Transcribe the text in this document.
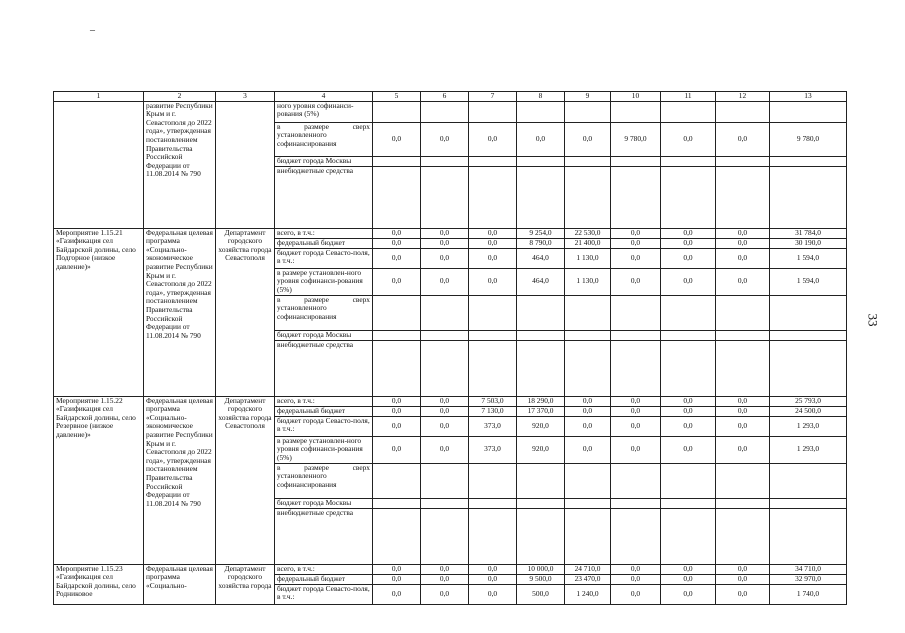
–
33
1	2	3	4	5	6	7	8	9	10	11	12	13
	развитие Республики Крым и г. Севастополя до 2022 года», утвержденная постановлением Правительства Российской Федерации от 11.08.2014 № 790		ного уровня софинанси-рования (5%)									
			в размере сверх установленного софинансирования	0,0	0,0	0,0	0,0	0,0	9 780,0	0,0	0,0	9 780,0
			бюджет города Москвы									
			внебюджетные средства									
Мероприятие 1.15.21 «Газификация сел Байдарской долины, село Подгорное (низкое давление)»	Федеральная целевая программа «Социально-экономическое развитие Республики Крым и г. Севастополя до 2022 года», утвержденная постановлением Правительства Российской Федерации от 11.08.2014 № 790	Департамент городского хозяйства города Севастополя	всего, в т.ч.:	0,0	0,0	0,0	9 254,0	22 530,0	0,0	0,0	0,0	31 784,0
			федеральный бюджет	0,0	0,0	0,0	8 790,0	21 400,0	0,0	0,0	0,0	30 190,0
			бюджет города Севасто-поля, в т.ч.:	0,0	0,0	0,0	464,0	1 130,0	0,0	0,0	0,0	1 594,0
			в размере установлен-ного уровня софинанси-рования (5%)	0,0	0,0	0,0	464,0	1 130,0	0,0	0,0	0,0	1 594,0
			в размере сверх установленного софинансирования									
			бюджет города Москвы									
			внебюджетные средства									
Мероприятие 1.15.22 «Газификация сел Байдарской долины, село Резервное (низкое давление)»	Федеральная целевая программа «Социально-экономическое развитие Республики Крым и г. Севастополя до 2022 года», утвержденная постановлением Правительства Российской Федерации от 11.08.2014 № 790	Департамент городского хозяйства города Севастополя	всего, в т.ч.:	0,0	0,0	7 503,0	18 290,0	0,0	0,0	0,0	0,0	25 793,0
			федеральный бюджет	0,0	0,0	7 130,0	17 370,0	0,0	0,0	0,0	0,0	24 500,0
			бюджет города Севасто-поля, в т.ч.:	0,0	0,0	373,0	920,0	0,0	0,0	0,0	0,0	1 293,0
			в размере установлен-ного уровня софинанси-рования (5%)	0,0	0,0	373,0	920,0	0,0	0,0	0,0	0,0	1 293,0
			в размере сверх установленного софинансирования									
			бюджет города Москвы									
			внебюджетные средства									
Мероприятие 1.15.23 «Газификация сел Байдарской долины, село Родниковое	Федеральная целевая программа «Социально-	Департамент городского хозяйства города	всего, в т.ч.:	0,0	0,0	0,0	10 000,0	24 710,0	0,0	0,0	0,0	34 710,0
			федеральный бюджет	0,0	0,0	0,0	9 500,0	23 470,0	0,0	0,0	0,0	32 970,0
			бюджет города Севасто-поля, в т.ч.:	0,0	0,0	0,0	500,0	1 240,0	0,0	0,0	0,0	1 740,0
